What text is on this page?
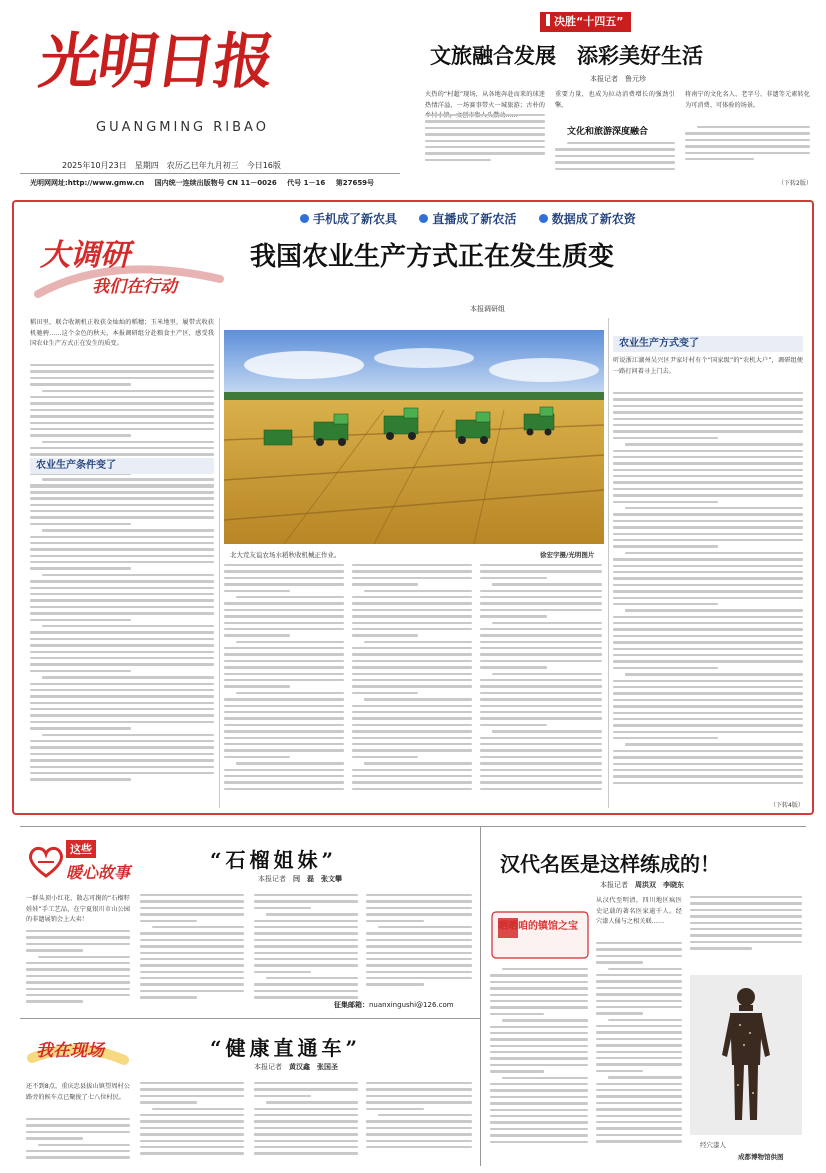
光明日报
GUANGMING RIBAO
2025年10月23日　星期四　农历乙巳年九月初三　今日16版
光明网网址:http://www.gmw.cn 国内统一连续出版物号 CN 11－0026 代号 1－16 第27659号
决胜“十四五”
文旅融合发展　添彩美好生活
本报记者　鲁元珍
火热的“村超”现场，从各地奔赴而来的球迷热情洋溢，一场赛事带火一城旅游；古朴的
重要力量，也成为拉动消费增长的强劲引擎。
文化和旅游深度融合
将南宁的文化名人、老字号、非遗等元素转化为可消费、可体验的场景。
（下转2版）
手机成了新农具	直播成了新农活	数据成了新农资
大调研
我们在行动
我国农业生产方式正在发生质变
本报调研组
稻田里，联合收割机正收获金灿灿的稻穗；玉米地里，履带式收获机驰骋……这个金色的秋天，本报调研组分赴粮食主产区，感受我国农业生产方式正在发生的质变。
农业生产条件变了
北大荒友谊农场水稻秋收机械正作业。	徐宏宇摄/光明图片
农业生产方式变了
听说浙江湖州吴兴区尹家圩村有个“国家级”的“农机大户”，调研组便一路打问着寻上门去。
（下转4版）
这些
暖心故事
“石榴姐妹”
本报记者　 闫　磊　张文攀
一群头顶小红花、散志可掬的“石榴籽娃娃”手工艺品，在宁夏银川市山公园的非遗展销会上大卖！
征集邮箱：nuanxingushi@126.com
我在现场	“健康直通车”
本报记者　 黄汉鑫　张国圣
还不到8点，重庆忠县拔山镇望周村公路旁的候车点已聚拢了七八位村民。
汉代名医是这样练成的！
本报记者　 周洪双　李晓东
晒晒咱的镇馆之宝
从汉代至明清，四川地区疯医史记载的著名医家逾千人。经穴漆人俑与之相关联……
经穴漆人
成都博物馆供图
